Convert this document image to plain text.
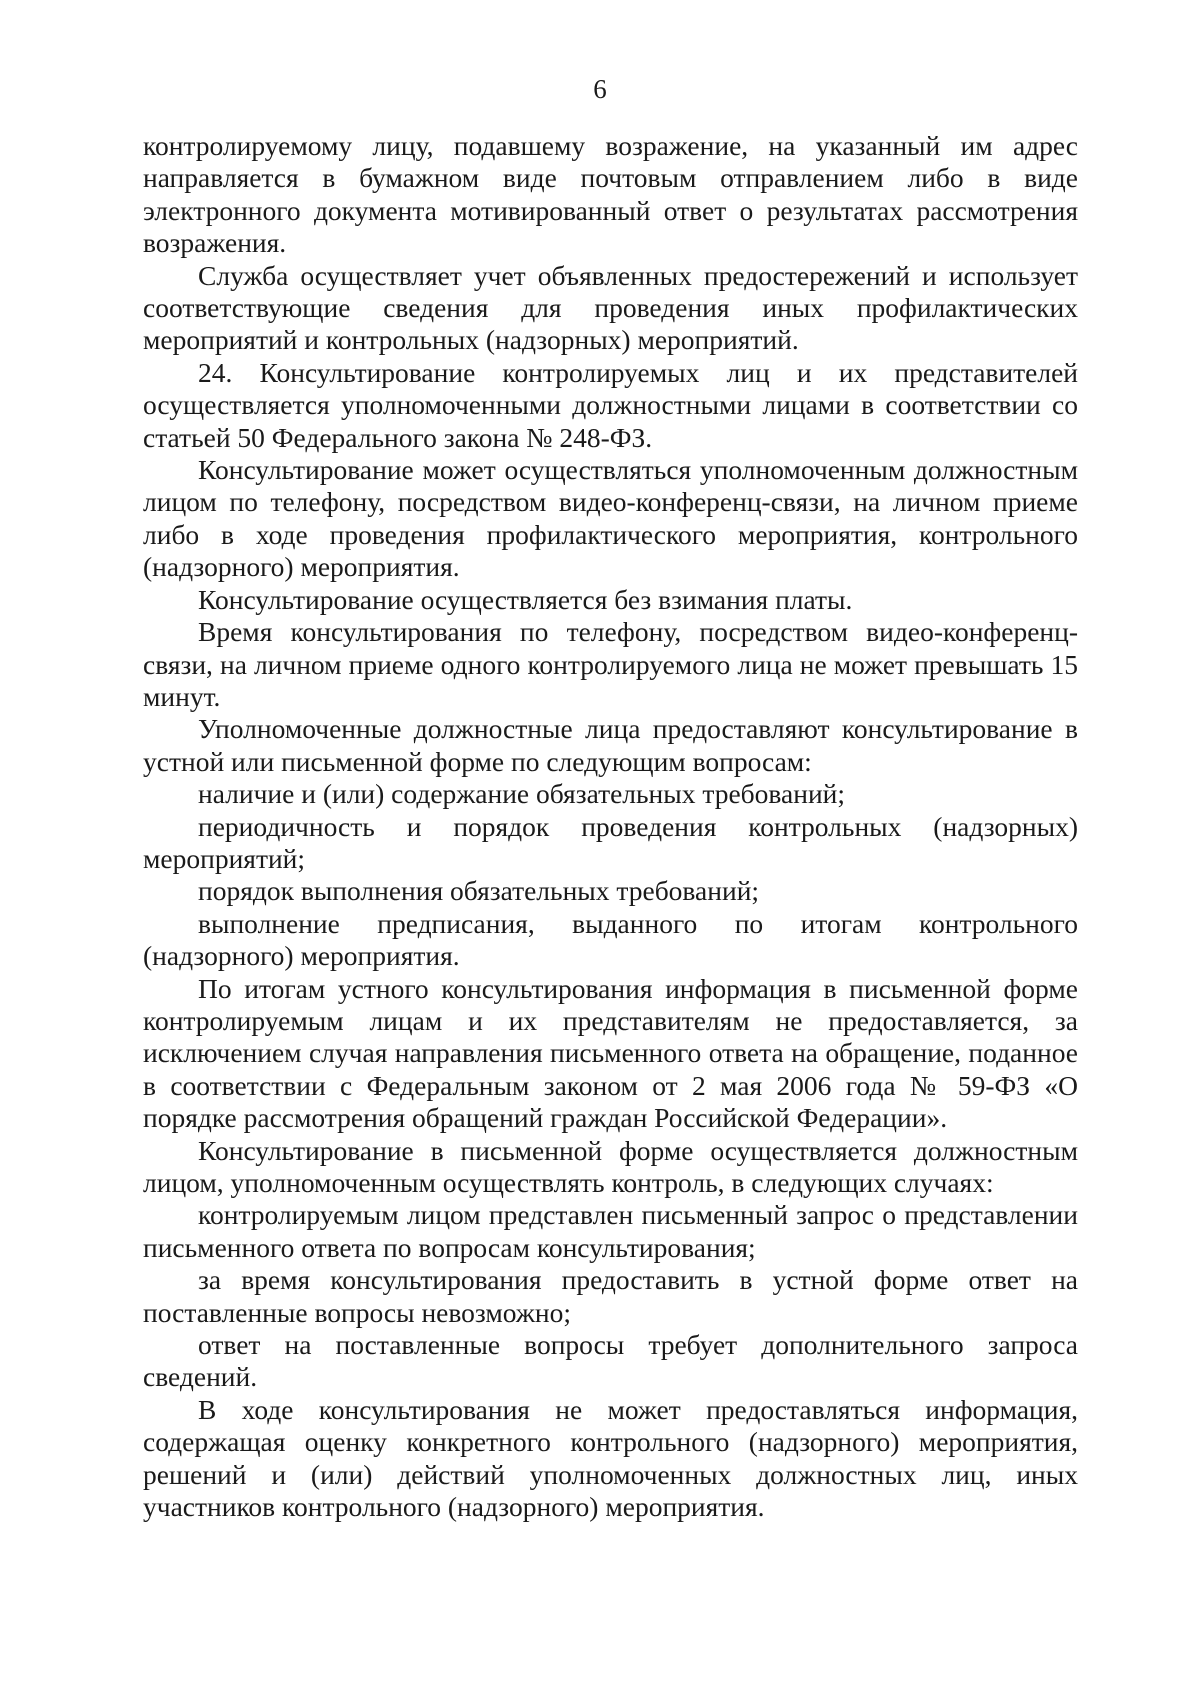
6

контролируемому лицу, подавшему возражение, на указанный им адрес направляется в бумажном виде почтовым отправлением либо в виде электронного документа мотивированный ответ о результатах рассмотрения возражения.

Служба осуществляет учет объявленных предостережений и использует соответствующие сведения для проведения иных профилактических мероприятий и контрольных (надзорных) мероприятий.

24. Консультирование контролируемых лиц и их представителей осуществляется уполномоченными должностными лицами в соответствии со статьей 50 Федерального закона № 248-ФЗ.

Консультирование может осуществляться уполномоченным должностным лицом по телефону, посредством видео-конференц-связи, на личном приеме либо в ходе проведения профилактического мероприятия, контрольного (надзорного) мероприятия.

Консультирование осуществляется без взимания платы.

Время консультирования по телефону, посредством видео-конференц-связи, на личном приеме одного контролируемого лица не может превышать 15 минут.

Уполномоченные должностные лица предоставляют консультирование в устной или письменной форме по следующим вопросам:

наличие и (или) содержание обязательных требований;

периодичность и порядок проведения контрольных (надзорных) мероприятий;

порядок выполнения обязательных требований;

выполнение предписания, выданного по итогам контрольного (надзорного) мероприятия.

По итогам устного консультирования информация в письменной форме контролируемым лицам и их представителям не предоставляется, за исключением случая направления письменного ответа на обращение, поданное в соответствии с Федеральным законом от 2 мая 2006 года № 59-ФЗ «О порядке рассмотрения обращений граждан Российской Федерации».

Консультирование в письменной форме осуществляется должностным лицом, уполномоченным осуществлять контроль, в следующих случаях:

контролируемым лицом представлен письменный запрос о представлении письменного ответа по вопросам консультирования;

за время консультирования предоставить в устной форме ответ на поставленные вопросы невозможно;

ответ на поставленные вопросы требует дополнительного запроса сведений.

В ходе консультирования не может предоставляться информация, содержащая оценку конкретного контрольного (надзорного) мероприятия, решений и (или) действий уполномоченных должностных лиц, иных участников контрольного (надзорного) мероприятия.
